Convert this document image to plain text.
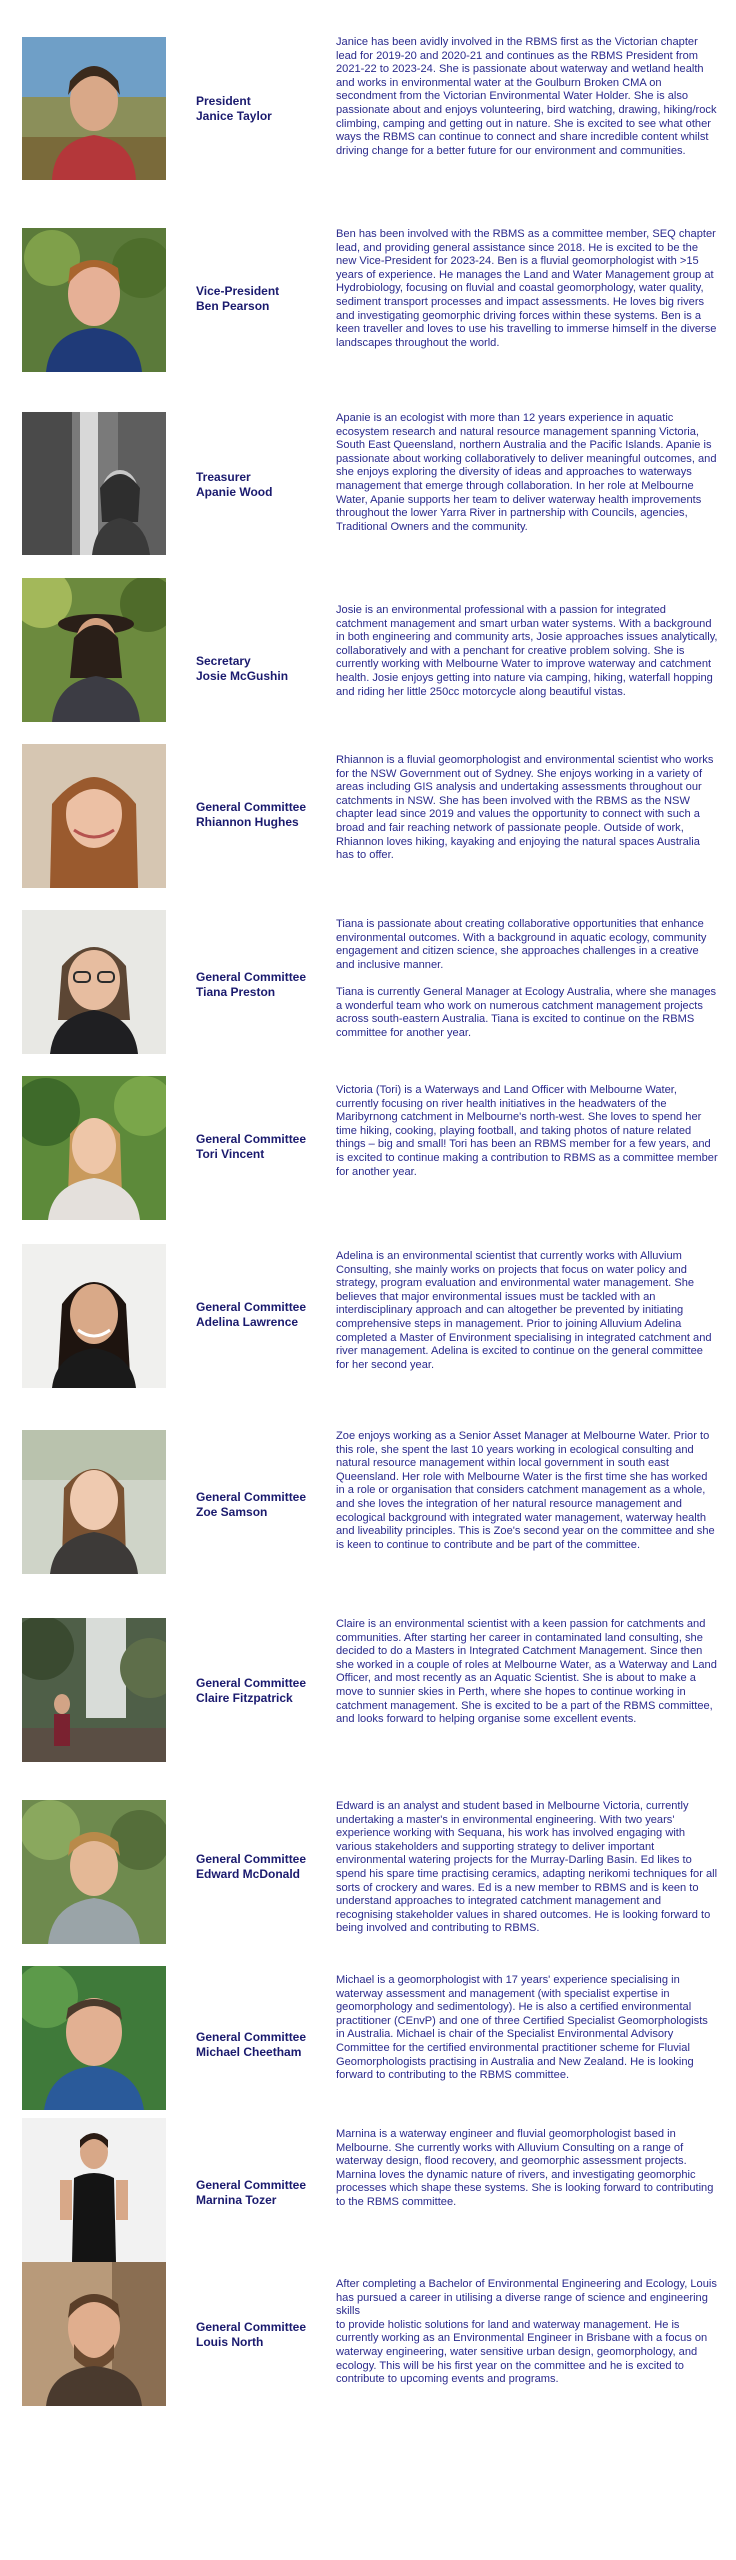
President
Janice Taylor
Janice has been avidly involved in the RBMS first as the Victorian chapter lead for 2019-20 and 2020-21 and continues as the RBMS President from 2021-22 to 2023-24. She is passionate about waterway and wetland health and works in environmental water at the Goulburn Broken CMA on secondment from the Victorian Environmental Water Holder. She is also passionate about and enjoys volunteering, bird watching, drawing, hiking/rock climbing, camping and getting out in nature. She is excited to see what other ways the RBMS can continue to connect and share incredible content whilst driving change for a better future for our environment and communities.
Vice-President
Ben Pearson
Ben has been involved with the RBMS as a committee member, SEQ chapter lead, and providing general assistance since 2018. He is excited to be the new Vice-President for 2023-24. Ben is a fluvial geomorphologist with >15 years of experience. He manages the Land and Water Management group at Hydrobiology, focusing on fluvial and coastal geomorphology, water quality, sediment transport processes and impact assessments. He loves big rivers and investigating geomorphic driving forces within these systems. Ben is a keen traveller and loves to use his travelling to immerse himself in the diverse landscapes throughout the world.
Treasurer
Apanie Wood
Apanie is an ecologist with more than 12 years experience in aquatic ecosystem research and natural resource management spanning Victoria, South East Queensland, northern Australia and the Pacific Islands. Apanie is passionate about working collaboratively to deliver meaningful outcomes, and she enjoys exploring the diversity of ideas and approaches to waterways management that emerge through collaboration. In her role at Melbourne Water, Apanie supports her team to deliver waterway health improvements throughout the lower Yarra River in partnership with Councils, agencies, Traditional Owners and the community.
Secretary
Josie McGushin
Josie is an environmental professional with a passion for integrated catchment management and smart urban water systems. With a background in both engineering and community arts, Josie approaches issues analytically, collaboratively and with a penchant for creative problem solving. She is currently working with Melbourne Water to improve waterway and catchment health. Josie enjoys getting into nature via camping, hiking, waterfall hopping and riding her little 250cc motorcycle along beautiful vistas.
General Committee
Rhiannon Hughes
Rhiannon is a fluvial geomorphologist and environmental scientist who works for the NSW Government out of Sydney. She enjoys working in a variety of areas including GIS analysis and undertaking assessments throughout our catchments in NSW. She has been involved with the RBMS as the NSW chapter lead since 2019 and values the opportunity to connect with such a broad and fair reaching network of passionate people. Outside of work, Rhiannon loves hiking, kayaking and enjoying the natural spaces Australia has to offer.
General Committee
Tiana Preston
Tiana is passionate about creating collaborative opportunities that enhance environmental outcomes. With a background in aquatic ecology, community engagement and citizen science, she approaches challenges in a creative and inclusive manner.

Tiana is currently General Manager at Ecology Australia, where she manages a wonderful team who work on numerous catchment management projects across south-eastern Australia. Tiana is excited to continue on the RBMS committee for another year.
General Committee
Tori Vincent
Victoria (Tori) is a Waterways and Land Officer with Melbourne Water, currently focusing on river health initiatives in the headwaters of the Maribyrnong catchment in Melbourne's north-west. She loves to spend her time hiking, cooking, playing football, and taking photos of nature related things – big and small! Tori has been an RBMS member for a few years, and is excited to continue making a contribution to RBMS as a committee member for another year.
General Committee
Adelina Lawrence
Adelina is an environmental scientist that currently works with Alluvium Consulting, she mainly works on projects that focus on water policy and strategy, program evaluation and environmental water management. She believes that major environmental issues must be tackled with an interdisciplinary approach and can altogether be prevented by initiating comprehensive steps in management. Prior to joining Alluvium Adelina completed a Master of Environment specialising in integrated catchment and river management. Adelina is excited to continue on the general committee for her second year.
General Committee
Zoe Samson
Zoe enjoys working as a Senior Asset Manager at Melbourne Water. Prior to this role, she spent the last 10 years working in ecological consulting and natural resource management within local government in south east Queensland. Her role with Melbourne Water is the first time she has worked in a role or organisation that considers catchment management as a whole, and she loves the integration of her natural resource management and ecological background with integrated water management, waterway health and liveability principles. This is Zoe's second year on the committee and she is keen to continue to contribute and be part of the committee.
General Committee
Claire Fitzpatrick
Claire is an environmental scientist with a keen passion for catchments and communities. After starting her career in contaminated land consulting, she decided to do a Masters in Integrated Catchment Management. Since then she worked in a couple of roles at Melbourne Water, as a Waterway and Land Officer, and most recently as an Aquatic Scientist. She is about to make a move to sunnier skies in Perth, where she hopes to continue working in catchment management. She is excited to be a part of the RBMS committee, and looks forward to helping organise some excellent events.
General Committee
Edward McDonald
Edward is an analyst and student based in Melbourne Victoria, currently undertaking a master's in environmental engineering. With two years' experience working with Sequana, his work has involved engaging with various stakeholders and supporting strategy to deliver important environmental watering projects for the Murray-Darling Basin. Ed likes to spend his spare time practising ceramics, adapting nerikomi techniques for all sorts of crockery and wares. Ed is a new member to RBMS and is keen to understand approaches to integrated catchment management and recognising stakeholder values in shared outcomes. He is looking forward to being involved and contributing to RBMS.
General Committee
Michael Cheetham
Michael is a geomorphologist with 17 years' experience specialising in waterway assessment and management (with specialist expertise in geomorphology and sedimentology). He is also a certified environmental practitioner (CEnvP) and one of three Certified Specialist Geomorphologists in Australia. Michael is chair of the Specialist Environmental Advisory Committee for the certified environmental practitioner scheme for Fluvial Geomorphologists practising in Australia and New Zealand. He is looking forward to contributing to the RBMS committee.
General Committee
Marnina Tozer
Marnina is a waterway engineer and fluvial geomorphologist based in Melbourne. She currently works with Alluvium Consulting on a range of waterway design, flood recovery, and geomorphic assessment projects. Marnina loves the dynamic nature of rivers, and investigating geomorphic processes which shape these systems. She is looking forward to contributing to the RBMS committee.
General Committee
Louis North
After completing a Bachelor of Environmental Engineering and Ecology, Louis has pursued a career in utilising a diverse range of science and engineering skills
to provide holistic solutions for land and waterway management. He is currently working as an Environmental Engineer in Brisbane with a focus on waterway engineering, water sensitive urban design, geomorphology, and ecology. This will be his first year on the committee and he is excited to contribute to upcoming events and programs.
